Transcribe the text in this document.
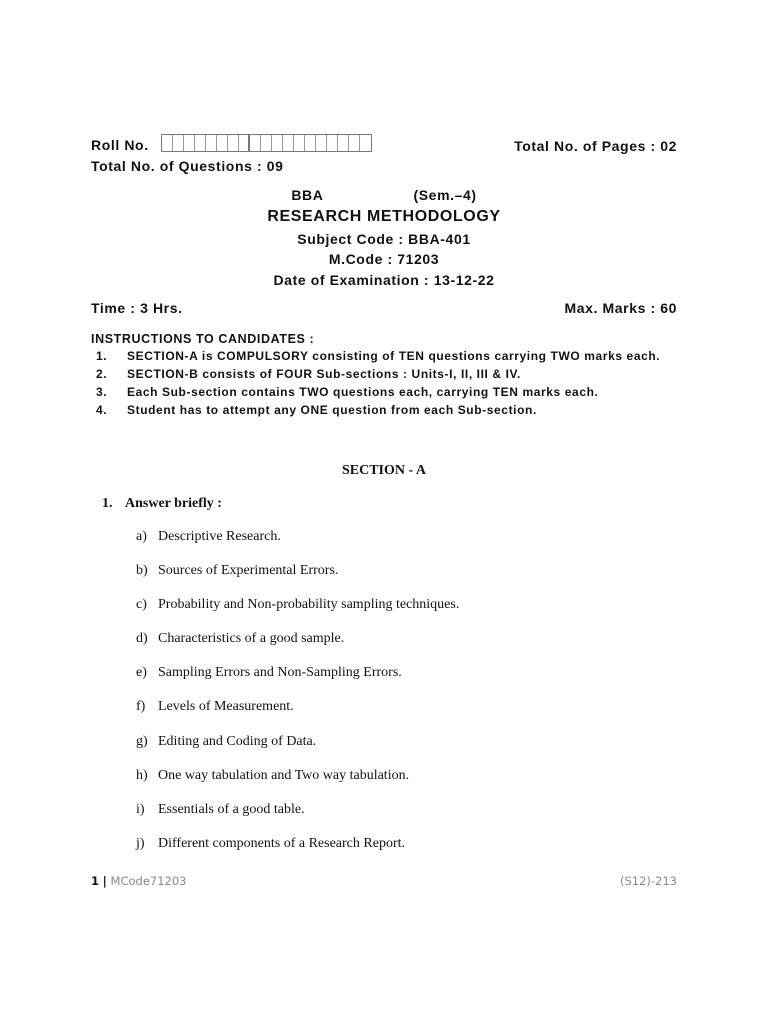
Roll No.	Total No. of Pages : 02
Total No. of Questions : 09
BBA	(Sem.–4)
RESEARCH METHODOLOGY
Subject Code : BBA-401
M.Code : 71203
Date of Examination : 13-12-22
Time : 3 Hrs.	Max. Marks : 60
INSTRUCTIONS TO CANDIDATES :
1.	SECTION-A is COMPULSORY consisting of TEN questions carrying TWO marks each.
2.	SECTION-B consists of FOUR Sub-sections : Units-I, II, III & IV.
3.	Each Sub-section contains TWO questions each, carrying TEN marks each.
4.	Student has to attempt any ONE question from each Sub-section.
SECTION - A
1. Answer briefly :
a) Descriptive Research.
b) Sources of Experimental Errors.
c) Probability and Non-probability sampling techniques.
d) Characteristics of a good sample.
e) Sampling Errors and Non-Sampling Errors.
f) Levels of Measurement.
g) Editing and Coding of Data.
h) One way tabulation and Two way tabulation.
i) Essentials of a good table.
j) Different components of a Research Report.
1 | MCode71203	(S12)-213
